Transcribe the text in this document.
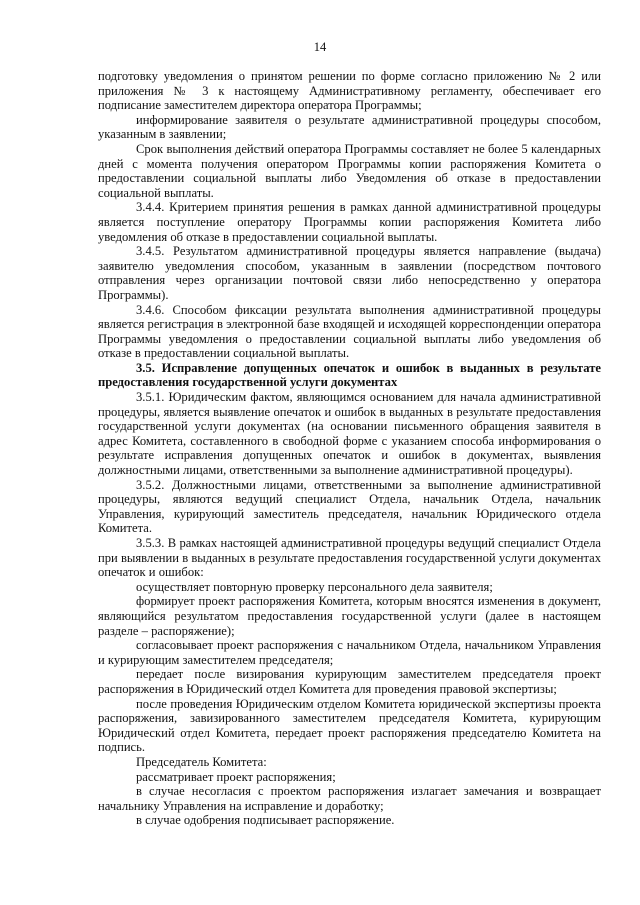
14

подготовку уведомления о принятом решении по форме согласно приложению № 2 или приложения № 3 к настоящему Административному регламенту, обеспечивает его подписание заместителем директора оператора Программы;

информирование заявителя о результате административной процедуры способом, указанным в заявлении;

Срок выполнения действий оператора Программы составляет не более 5 календарных дней с момента получения оператором Программы копии распоряжения Комитета о предоставлении социальной выплаты либо Уведомления об отказе в предоставлении социальной выплаты.

3.4.4. Критерием принятия решения в рамках данной административной процедуры является поступление оператору Программы копии распоряжения Комитета либо уведомления об отказе в предоставлении социальной выплаты.

3.4.5. Результатом административной процедуры является направление (выдача) заявителю уведомления способом, указанным в заявлении (посредством почтового отправления через организации почтовой связи либо непосредственно у оператора Программы).

3.4.6. Способом фиксации результата выполнения административной процедуры является регистрация в электронной базе входящей и исходящей корреспонденции оператора Программы уведомления о предоставлении социальной выплаты либо уведомления об отказе в предоставлении социальной выплаты.

3.5. Исправление допущенных опечаток и ошибок в выданных в результате предоставления государственной услуги документах

3.5.1. Юридическим фактом, являющимся основанием для начала административной процедуры, является выявление опечаток и ошибок в выданных в результате предоставления государственной услуги документах (на основании письменного обращения заявителя в адрес Комитета, составленного в свободной форме с указанием способа информирования о результате исправления допущенных опечаток и ошибок в документах, выявления должностными лицами, ответственными за выполнение административной процедуры).

3.5.2. Должностными лицами, ответственными за выполнение административной процедуры, являются ведущий специалист Отдела, начальник Отдела, начальник Управления, курирующий заместитель председателя, начальник Юридического отдела Комитета.

3.5.3. В рамках настоящей административной процедуры ведущий специалист Отдела при выявлении в выданных в результате предоставления государственной услуги документах опечаток и ошибок:

осуществляет повторную проверку персонального дела заявителя;

формирует проект распоряжения Комитета, которым вносятся изменения в документ, являющийся результатом предоставления государственной услуги (далее в настоящем разделе – распоряжение);

согласовывает проект распоряжения с начальником Отдела, начальником Управления и курирующим заместителем председателя;

передает после визирования курирующим заместителем председателя проект распоряжения в Юридический отдел Комитета для проведения правовой экспертизы;

после проведения Юридическим отделом Комитета юридической экспертизы проекта распоряжения, завизированного заместителем председателя Комитета, курирующим Юридический отдел Комитета, передает проект распоряжения председателю Комитета на подпись.

Председатель Комитета:

рассматривает проект распоряжения;

в случае несогласия с проектом распоряжения излагает замечания и возвращает начальнику Управления на исправление и доработку;

в случае одобрения подписывает распоряжение.
